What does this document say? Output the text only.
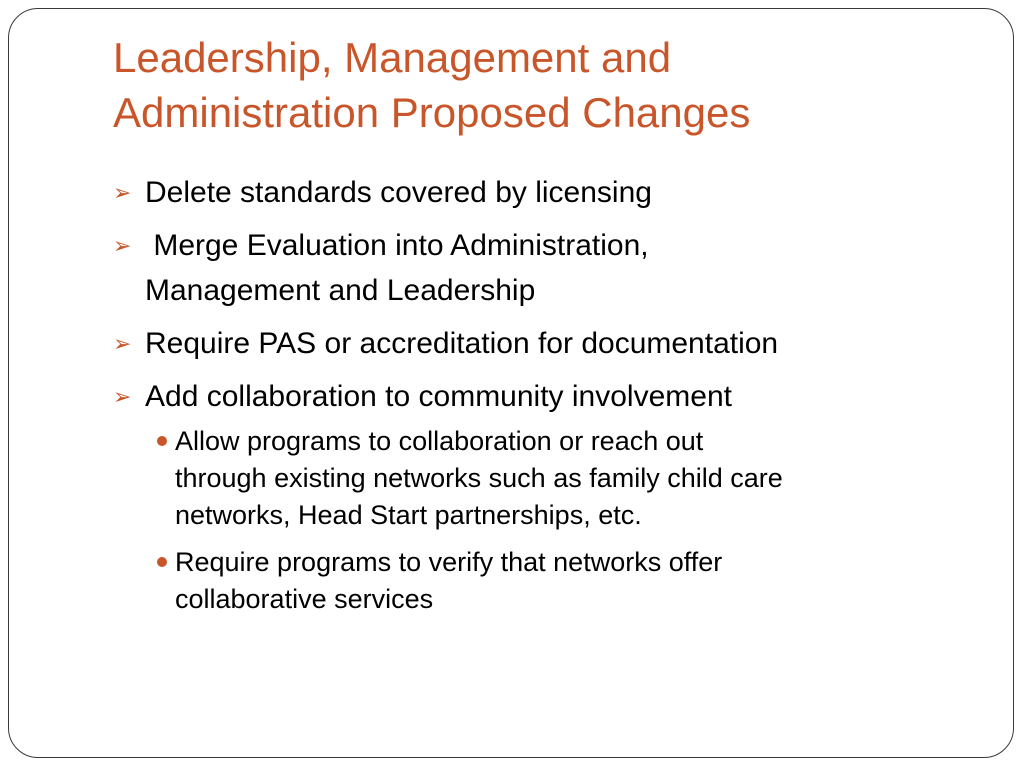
Leadership, Management and
Administration Proposed Changes
➢ Delete standards covered by licensing
➢ Merge Evaluation into Administration,
Management and Leadership
➢ Require PAS or accreditation for documentation
➢ Add collaboration to community involvement
Allow programs to collaboration or reach out
through existing networks such as family child care
networks, Head Start partnerships, etc.
Require programs to verify that networks offer
collaborative services
